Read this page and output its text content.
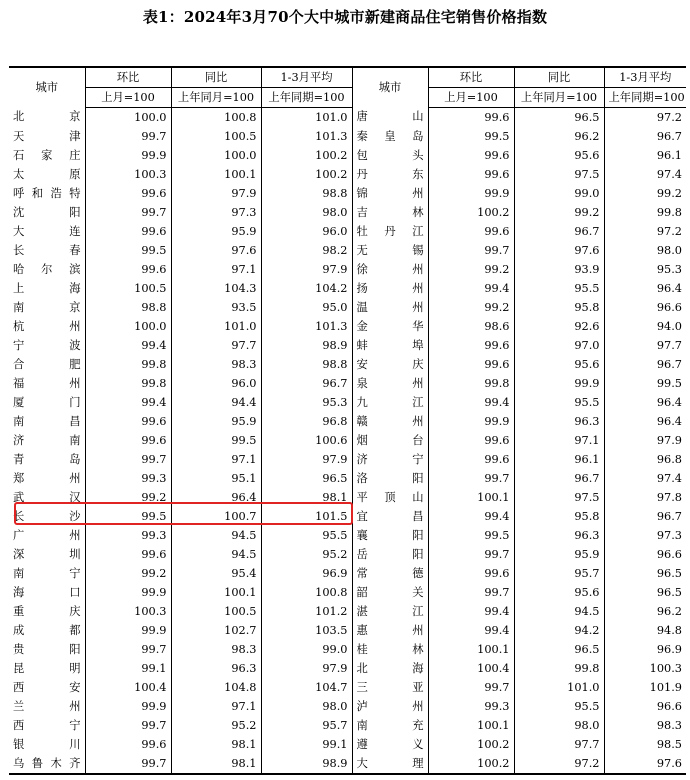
表1：2024年3月70个大中城市新建商品住宅销售价格指数
城市	环比	同比	1-3月平均	城市	环比	同比	1-3月平均
	上月=100	上年同月=100	上年同期=100		上月=100	上年同月=100	上年同期=100
北 京	100.0	100.8	101.0	唐 山	99.6	96.5	97.2
天 津	99.7	100.5	101.3	秦皇岛	99.5	96.2	96.7
石家庄	99.9	100.0	100.2	包 头	99.6	95.6	96.1
太 原	100.3	100.1	100.2	丹 东	99.6	97.5	97.4
呼和浩特	99.6	97.9	98.8	锦 州	99.9	99.0	99.2
沈 阳	99.7	97.3	98.0	吉 林	100.2	99.2	99.8
大 连	99.6	95.9	96.0	牡丹江	99.6	96.7	97.2
长 春	99.5	97.6	98.2	无 锡	99.7	97.6	98.0
哈尔滨	99.6	97.1	97.9	徐 州	99.2	93.9	95.3
上 海	100.5	104.3	104.2	扬 州	99.4	95.5	96.4
南 京	98.8	93.5	95.0	温 州	99.2	95.8	96.6
杭 州	100.0	101.0	101.3	金 华	98.6	92.6	94.0
宁 波	99.4	97.7	98.9	蚌 埠	99.6	97.0	97.7
合 肥	99.8	98.3	98.8	安 庆	99.6	95.6	96.7
福 州	99.8	96.0	96.7	泉 州	99.8	99.9	99.5
厦 门	99.4	94.4	95.3	九 江	99.4	95.5	96.4
南 昌	99.6	95.9	96.8	赣 州	99.9	96.3	96.4
济 南	99.6	99.5	100.6	烟 台	99.6	97.1	97.9
青 岛	99.7	97.1	97.9	济 宁	99.6	96.1	96.8
郑 州	99.3	95.1	96.5	洛 阳	99.7	96.7	97.4
武 汉	99.2	96.4	98.1	平顶山	100.1	97.5	97.8
长 沙	99.5	100.7	101.5	宜 昌	99.4	95.8	96.7
广 州	99.3	94.5	95.5	襄 阳	99.5	96.3	97.3
深 圳	99.6	94.5	95.2	岳 阳	99.7	95.9	96.6
南 宁	99.2	95.4	96.9	常 德	99.6	95.7	96.5
海 口	99.9	100.1	100.8	韶 关	99.7	95.6	96.5
重 庆	100.3	100.5	101.2	湛 江	99.4	94.5	96.2
成 都	99.9	102.7	103.5	惠 州	99.4	94.2	94.8
贵 阳	99.7	98.3	99.0	桂 林	100.1	96.5	96.9
昆 明	99.1	96.3	97.9	北 海	100.4	99.8	100.3
西 安	100.4	104.8	104.7	三 亚	99.7	101.0	101.9
兰 州	99.9	97.1	98.0	泸 州	99.3	95.5	96.6
西 宁	99.7	95.2	95.7	南 充	100.1	98.0	98.3
银 川	99.6	98.1	99.1	遵 义	100.2	97.7	98.5
乌鲁木齐	99.7	98.1	98.9	大 理	100.2	97.2	97.6
